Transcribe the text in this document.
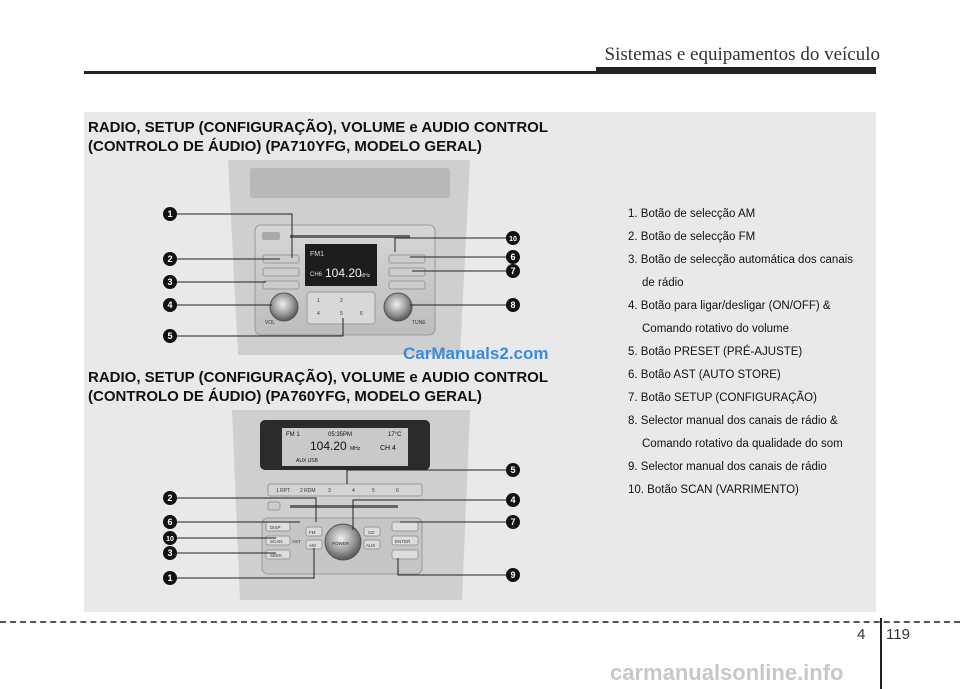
Sistemas e equipamentos do veículo
RADIO, SETUP (CONFIGURAÇÃO), VOLUME e AUDIO CONTROL
(CONTROLO DE ÁUDIO) (PA710YFG, MODELO GERAL)
RADIO, SETUP (CONFIGURAÇÃO), VOLUME e AUDIO CONTROL
(CONTROLO DE ÁUDIO) (PA760YFG, MODELO GERAL)
FM1
CH6 104.20
MHz
1	2
4	5	6
VOL	TUNE
FM 1	05:35PM	17°C
104.20 MHz	CH 4
AUX USB
1 RPT 2 RDM 3	4	5	6
DISP
SCAN
SEEK
FM
AM
AST	POWER
CD
AUX
ENTER
1
2
3
4
5
10
6
7
8
2
6
10
3
1
5
4
7
9
CarManuals2.com
1. Botão de selecção AM
2. Botão de selecção FM
3. Botão de selecção automática dos canais
de rádio
4. Botão para ligar/desligar (ON/OFF) &
Comando rotativo do volume
5. Botão PRESET (PRÉ-AJUSTE)
6. Botão AST (AUTO STORE)
7. Botão SETUP (CONFIGURAÇÃO)
8. Selector manual dos canais de rádio &
Comando rotativo da qualidade do som
9. Selector manual dos canais de rádio
10. Botão SCAN (VARRIMENTO)
4 119
carmanualsonline.info
